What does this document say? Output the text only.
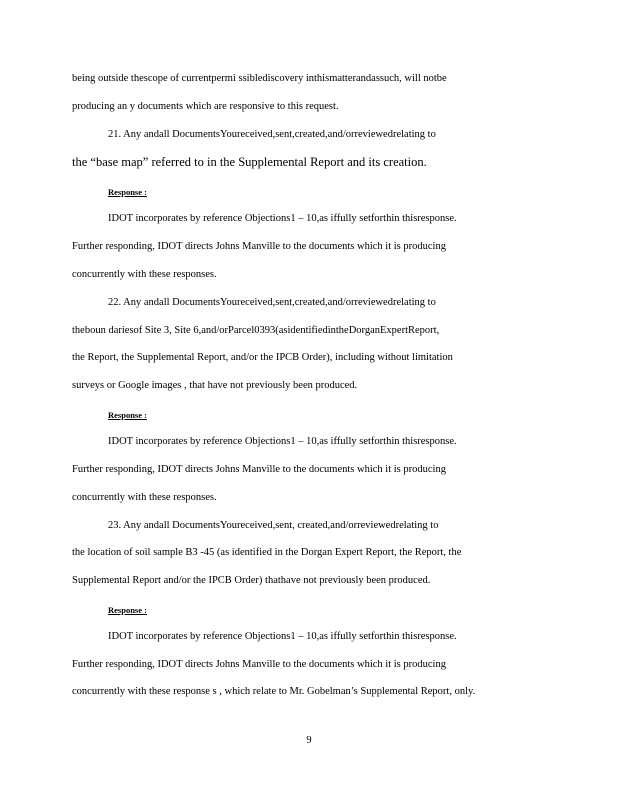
being outside thescope of currentpermi ssiblediscovery inthismatterandassuch, will notbe
producing an y documents which are responsive to this request.
21. Any andall DocumentsYoureceived,sent,created,and/orreviewedrelating to
the “base map” referred to in the Supplemental Report and its creation.
Response :
IDOT incorporates by reference Objections1 – 10,as iffully setforthin thisresponse.
Further responding, IDOT directs Johns Manville to the documents which it is producing
concurrently with these responses.
22. Any andall DocumentsYoureceived,sent,created,and/orreviewedrelating to
theboun dariesof Site 3, Site 6,and/orParcel0393(asidentifiedintheDorganExpertReport,
the Report, the Supplemental Report, and/or the IPCB Order), including without limitation
surveys or Google images , that have not previously been produced.
Response :
IDOT incorporates by reference Objections1 – 10,as iffully setforthin thisresponse.
Further responding, IDOT directs Johns Manville to the documents which it is producing
concurrently with these responses.
23. Any andall DocumentsYoureceived,sent, created,and/orreviewedrelating to
the location of soil sample B3 -45 (as identified in the Dorgan Expert Report, the Report, the
Supplemental Report and/or the IPCB Order) thathave not previously been produced.
Response :
IDOT incorporates by reference Objections1 – 10,as iffully setforthin thisresponse.
Further responding, IDOT directs Johns Manville to the documents which it is producing
concurrently with these response s , which relate to Mr. Gobelman’s Supplemental Report, only.
9
